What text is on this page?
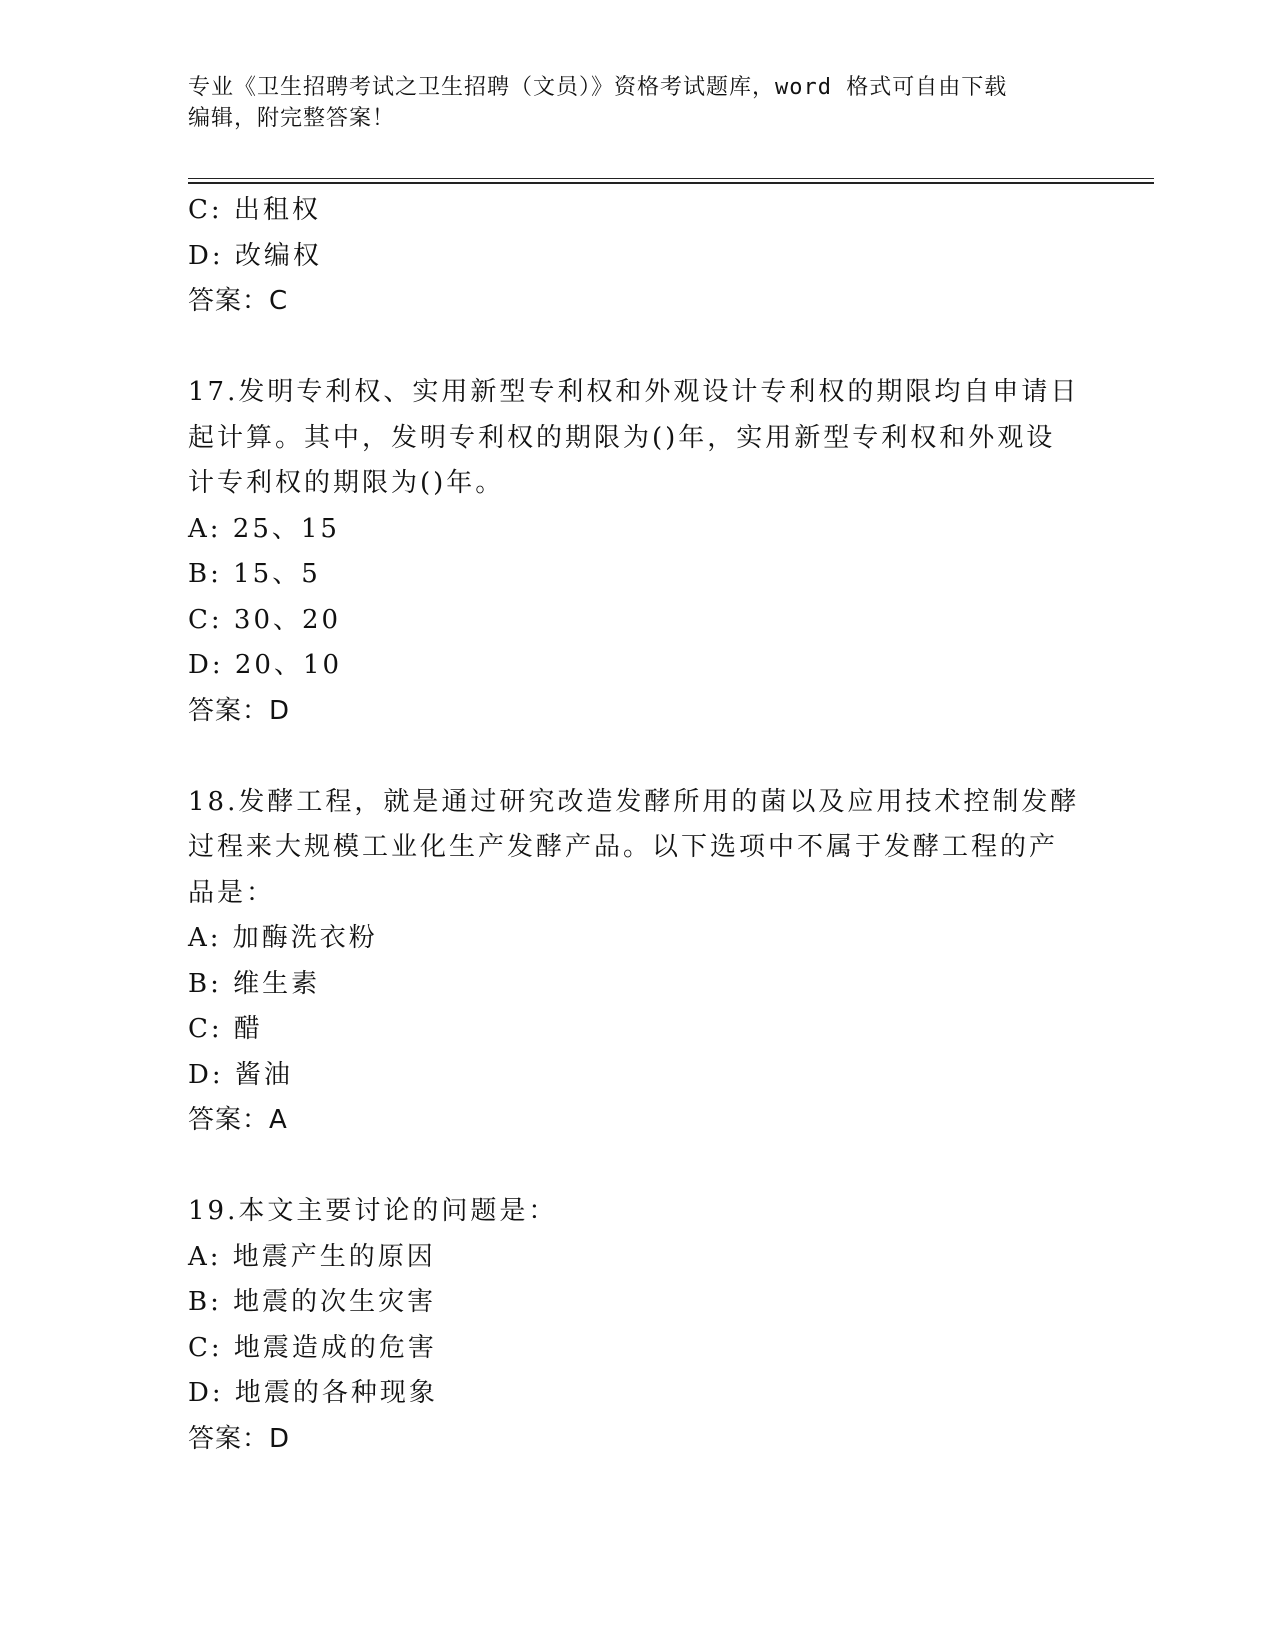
专业《卫生招聘考试之卫生招聘（文员）》资格考试题库，word 格式可自由下载
编辑，附完整答案！
C: 出租权
D: 改编权
答案：C
17.发明专利权、实用新型专利权和外观设计专利权的期限均自申请日
起计算。其中，发明专利权的期限为()年，实用新型专利权和外观设
计专利权的期限为()年。
A: 25、15
B: 15、5
C: 30、20
D: 20、10
答案：D
18.发酵工程，就是通过研究改造发酵所用的菌以及应用技术控制发酵
过程来大规模工业化生产发酵产品。以下选项中不属于发酵工程的产
品是：
A: 加酶洗衣粉
B: 维生素
C: 醋
D: 酱油
答案：A
19.本文主要讨论的问题是：
A: 地震产生的原因
B: 地震的次生灾害
C: 地震造成的危害
D: 地震的各种现象
答案：D
